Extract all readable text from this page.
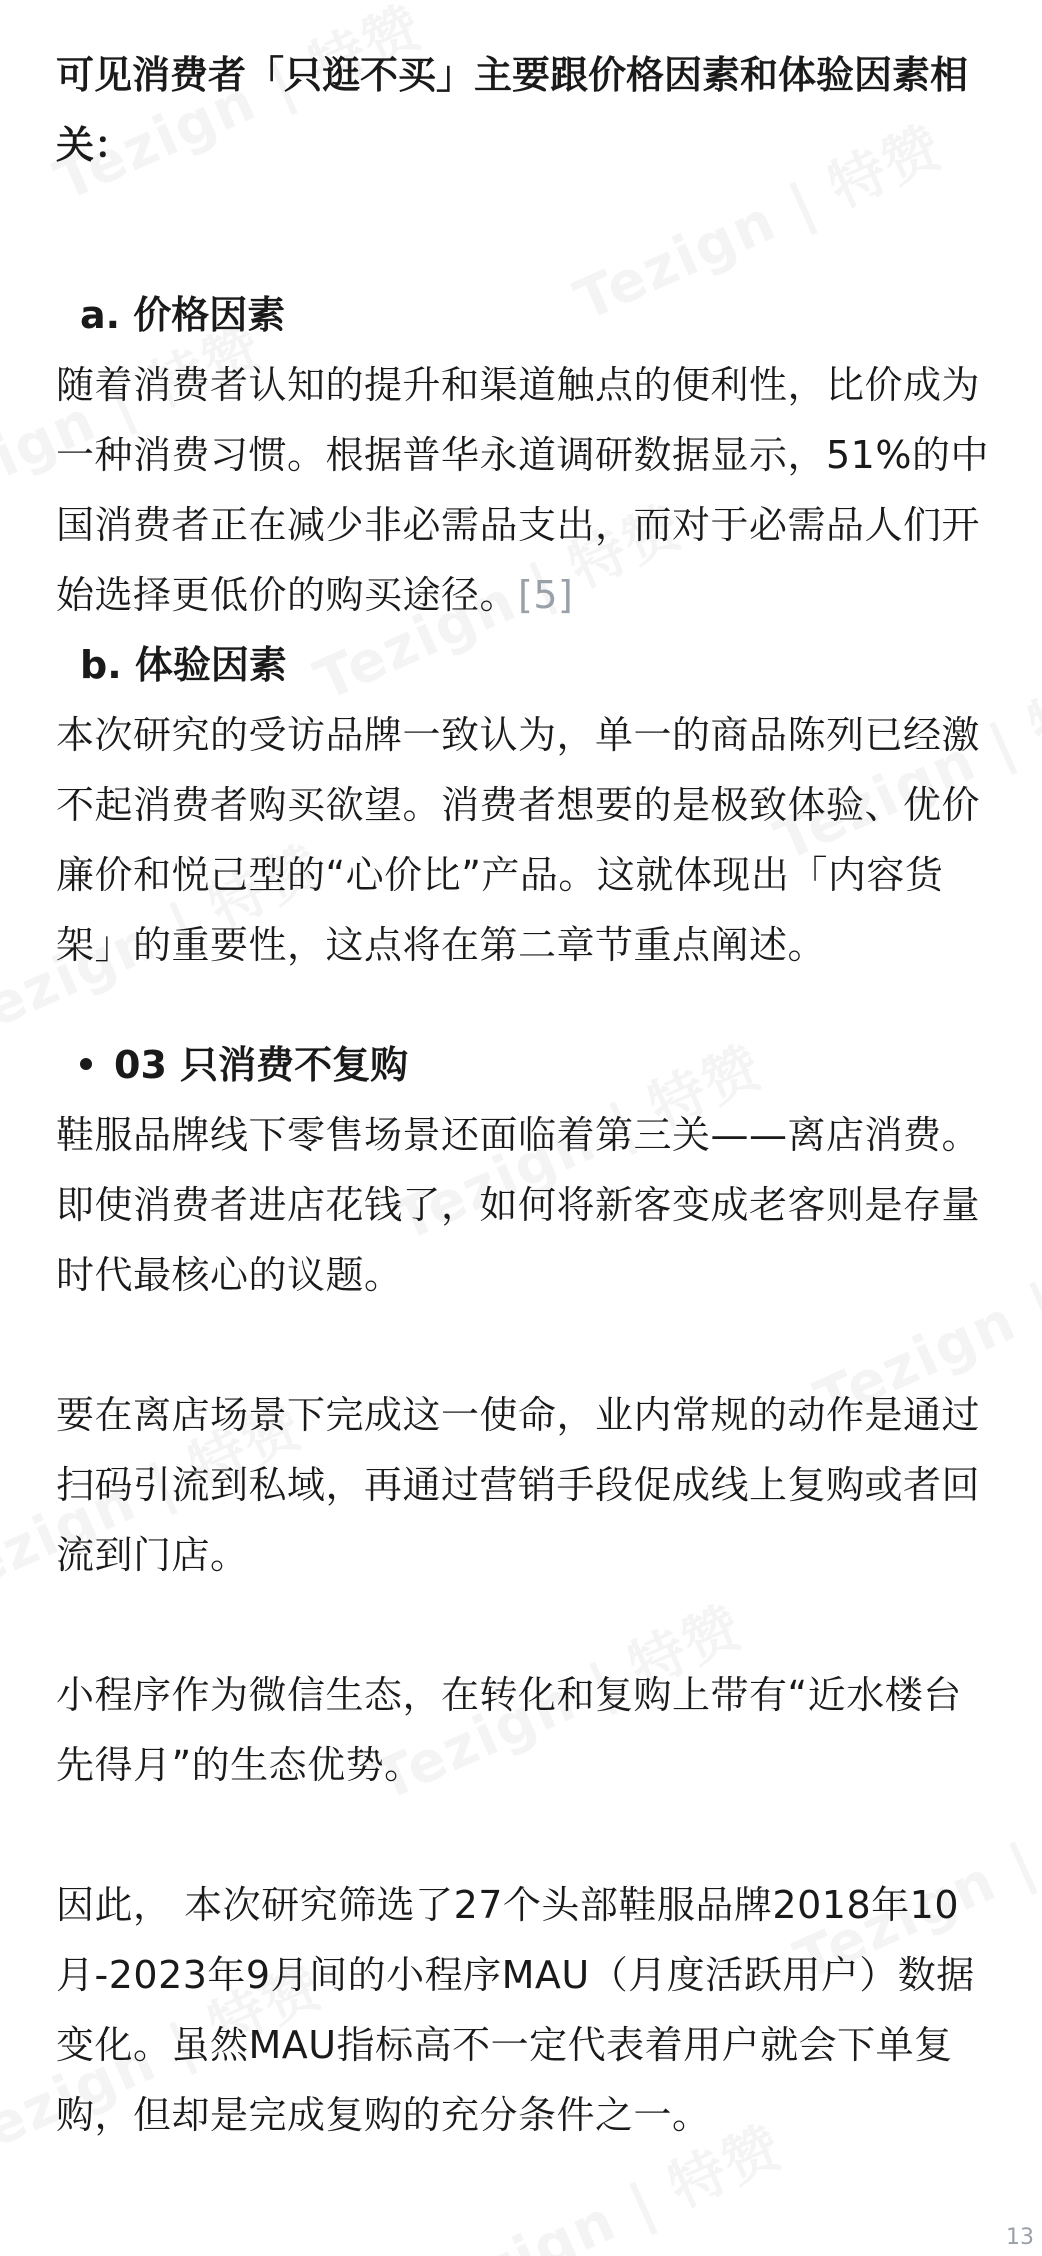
可见消费者「只逛不买」主要跟价格因素和体验因素相关：

a. 价格因素

随着消费者认知的提升和渠道触点的便利性，比价成为一种消费习惯。根据普华永道调研数据显示，51%的中国消费者正在减少非必需品支出，而对于必需品人们开始选择更低价的购买途径。[5]

b. 体验因素

本次研究的受访品牌一致认为，单一的商品陈列已经激不起消费者购买欲望。消费者想要的是极致体验、优价廉价和悦己型的“心价比”产品。这就体现出「内容货架」的重要性，这点将在第二章节重点阐述。

03 只消费不复购

鞋服品牌线下零售场景还面临着第三关——离店消费。即使消费者进店花钱了，如何将新客变成老客则是存量时代最核心的议题。

要在离店场景下完成这一使命，业内常规的动作是通过扫码引流到私域，再通过营销手段促成线上复购或者回流到门店。

小程序作为微信生态，在转化和复购上带有“近水楼台先得月”的生态优势。

因此， 本次研究筛选了27个头部鞋服品牌2018年10月-2023年9月间的小程序MAU（月度活跃用户）数据变化。虽然MAU指标高不一定代表着用户就会下单复购，但却是完成复购的充分条件之一。

13
